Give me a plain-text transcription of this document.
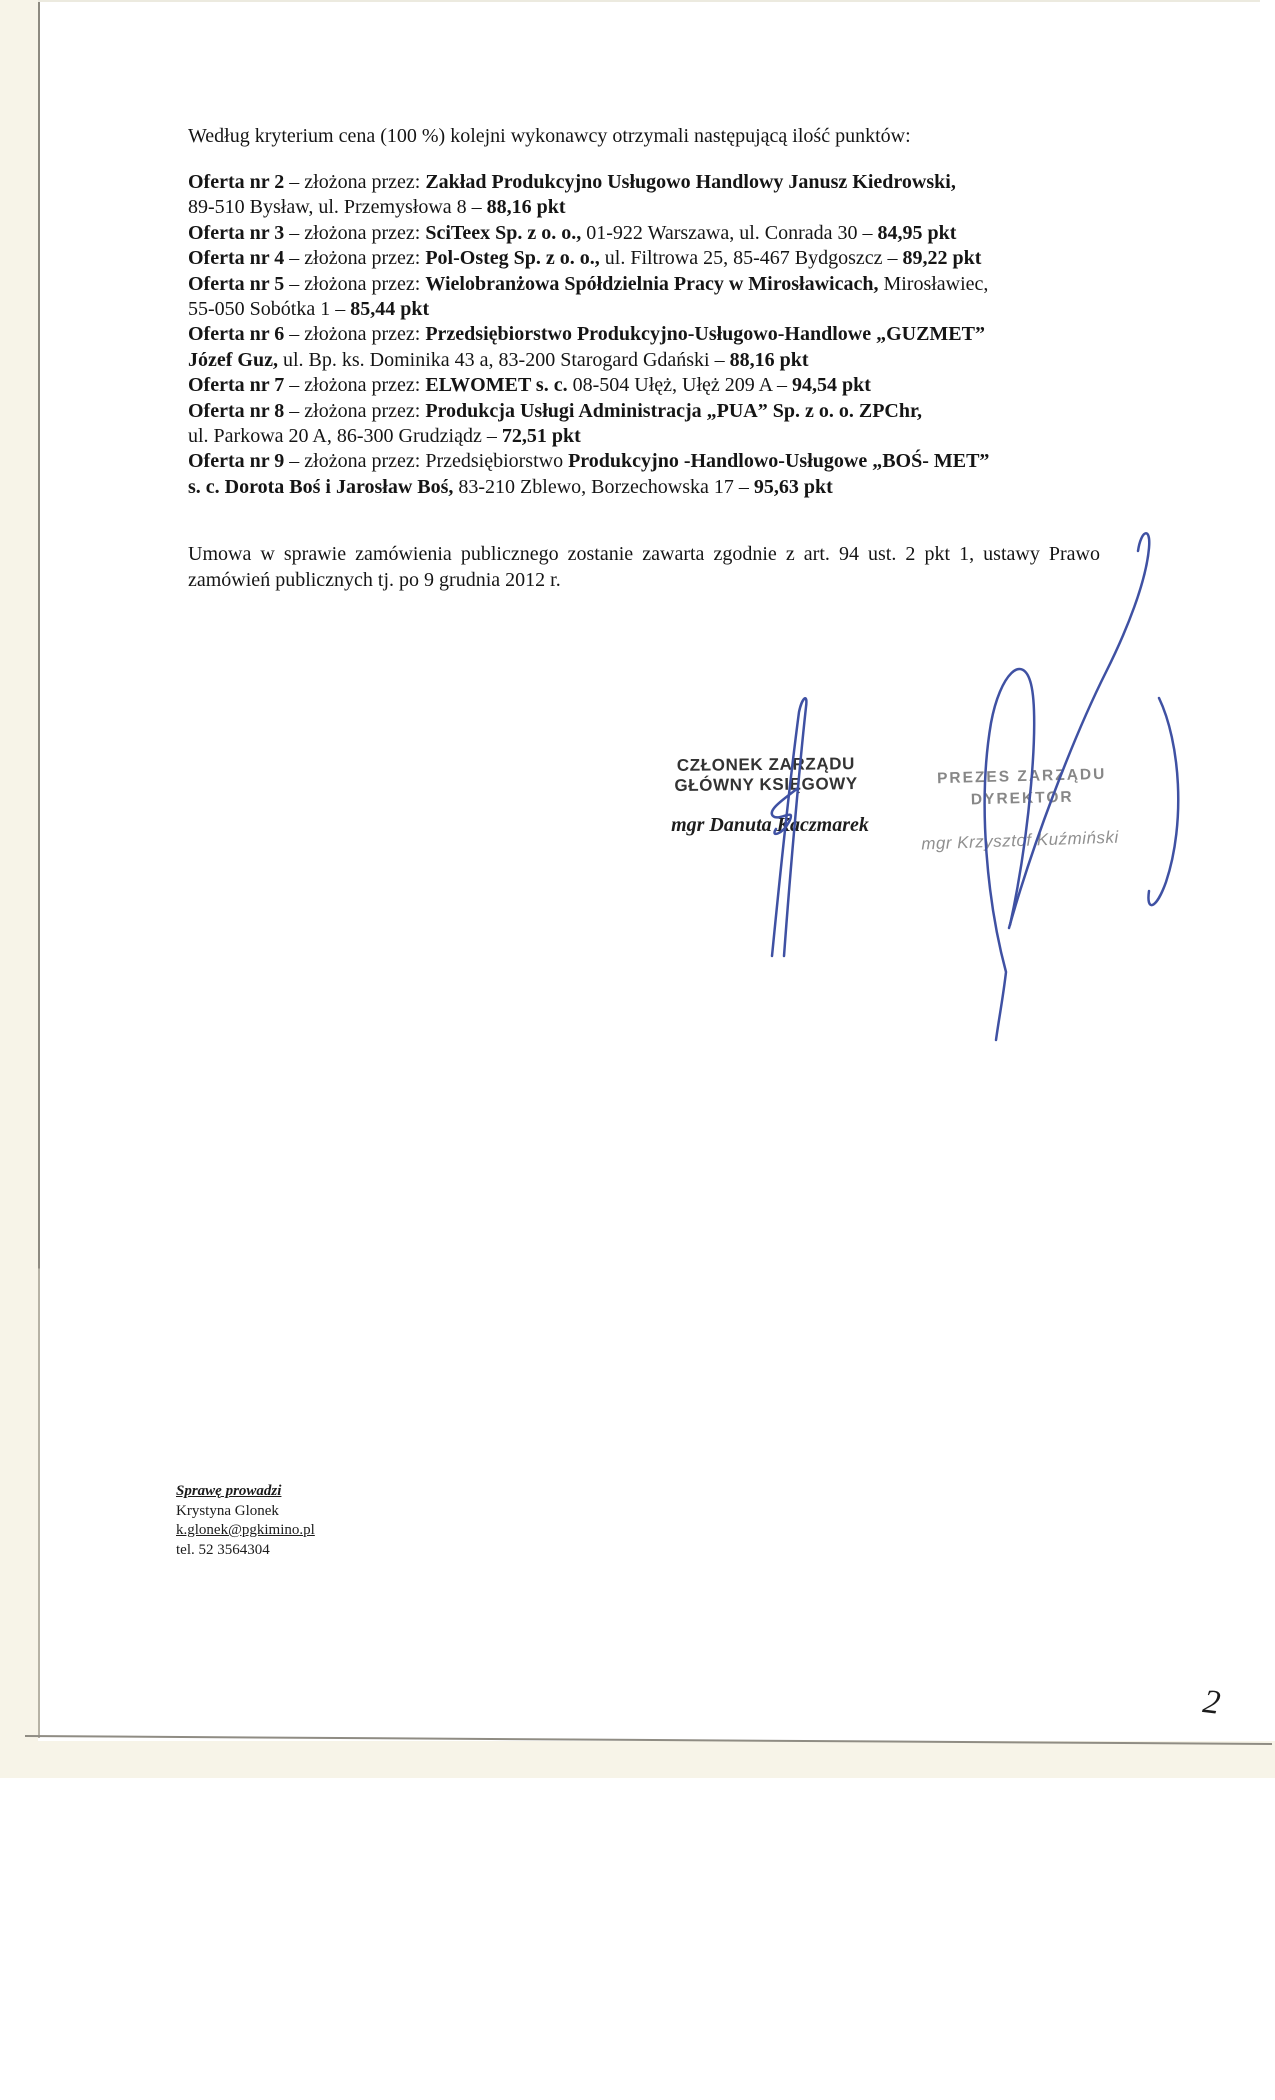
Według kryterium cena (100 %) kolejni wykonawcy otrzymali następującą ilość punktów:
Oferta nr 2 – złożona przez: Zakład Produkcyjno Usługowo Handlowy Janusz Kiedrowski,
89-510 Bysław, ul. Przemysłowa 8 – 88,16 pkt
Oferta nr 3 – złożona przez: SciTeex Sp. z o. o., 01-922 Warszawa, ul. Conrada 30 – 84,95 pkt
Oferta nr 4 – złożona przez: Pol-Osteg Sp. z o. o., ul. Filtrowa 25, 85-467 Bydgoszcz – 89,22 pkt
Oferta nr 5 – złożona przez: Wielobranżowa Spółdzielnia Pracy w Mirosławicach, Mirosławiec,
55-050 Sobótka 1 – 85,44 pkt
Oferta nr 6 – złożona przez: Przedsiębiorstwo Produkcyjno-Usługowo-Handlowe „GUZMET”
Józef Guz, ul. Bp. ks. Dominika 43 a, 83-200 Starogard Gdański – 88,16 pkt
Oferta nr 7 – złożona przez: ELWOMET s. c. 08-504 Ułęż, Ułęż 209 A – 94,54 pkt
Oferta nr 8 – złożona przez: Produkcja Usługi Administracja „PUA” Sp. z o. o. ZPChr,
ul. Parkowa 20 A, 86-300 Grudziądz – 72,51 pkt
Oferta nr 9 – złożona przez: Przedsiębiorstwo Produkcyjno -Handlowo-Usługowe „BOŚ- MET”
s. c. Dorota Boś i Jarosław Boś, 83-210 Zblewo, Borzechowska 17 – 95,63 pkt
Umowa w sprawie zamówienia publicznego zostanie zawarta zgodnie z art. 94 ust. 2 pkt 1, ustawy Prawo zamówień publicznych tj. po 9 grudnia 2012 r.
CZŁONEK ZARZĄDU
GŁÓWNY KSIĘGOWY
mgr Danuta Kaczmarek
PREZES ZARZĄDU
DYREKTOR
mgr Krzysztof Kuźmiński
Sprawę prowadzi
Krystyna Glonek
k.glonek@pgkimino.pl
tel. 52 3564304
2
